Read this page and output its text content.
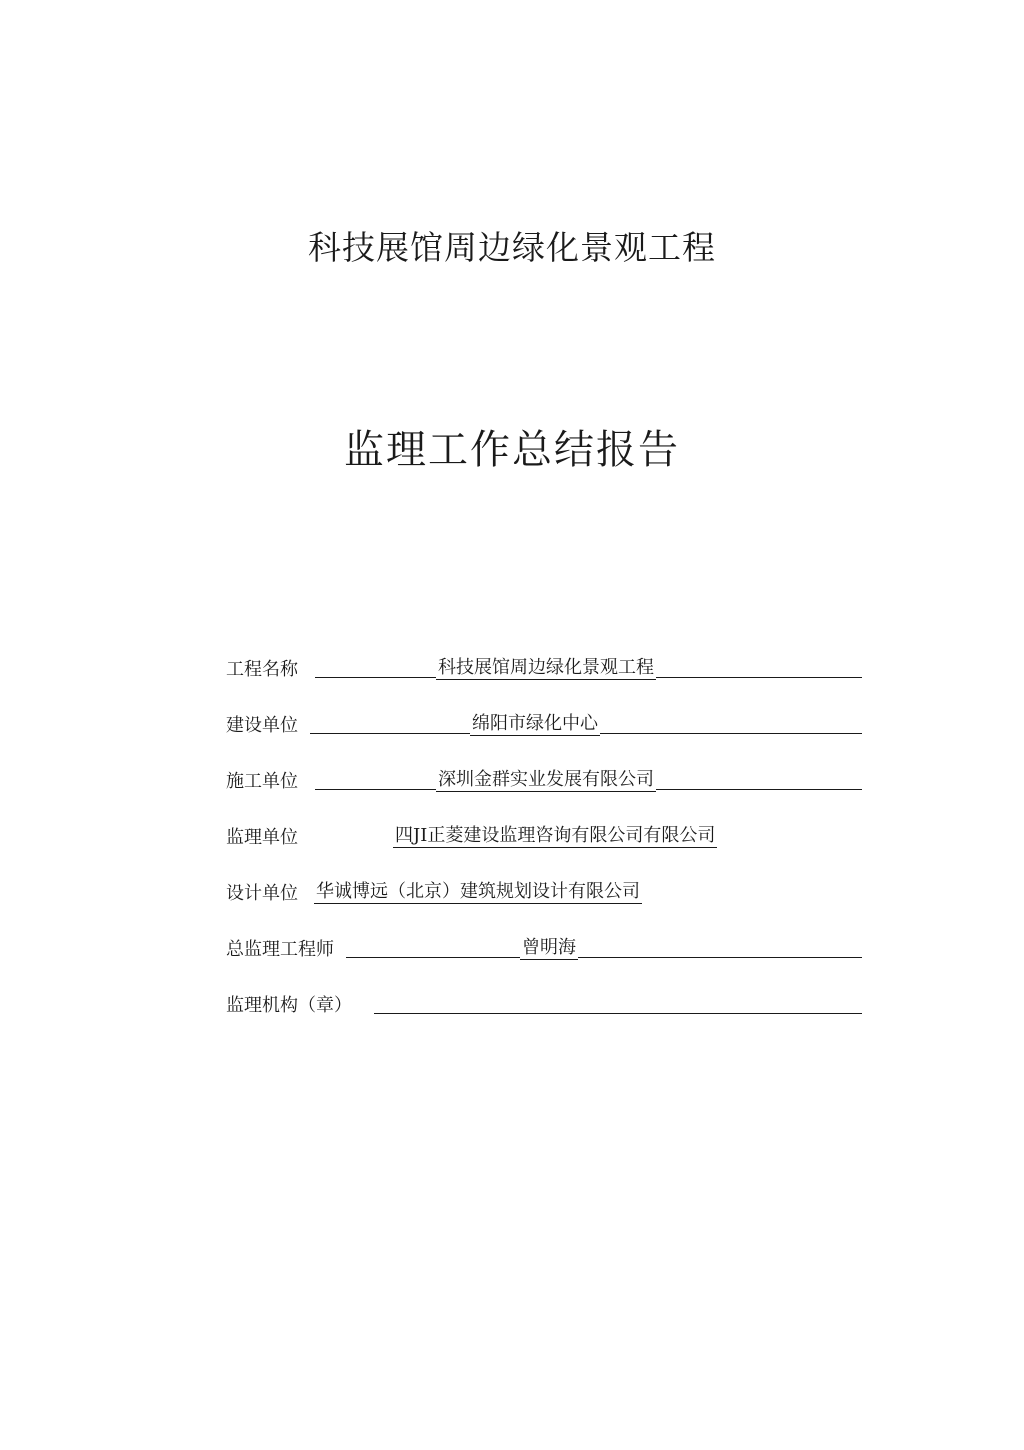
科技展馆周边绿化景观工程
监理工作总结报告
工程名称	科技展馆周边绿化景观工程
建设单位	绵阳市绿化中心
施工单位	深圳金群实业发展有限公司
监理单位	四JI正菱建设监理咨询有限公司有限公司
设计单位 华诚博远（北京）建筑规划设计有限公司
总监理工程师	曾明海
监理机构（章）
